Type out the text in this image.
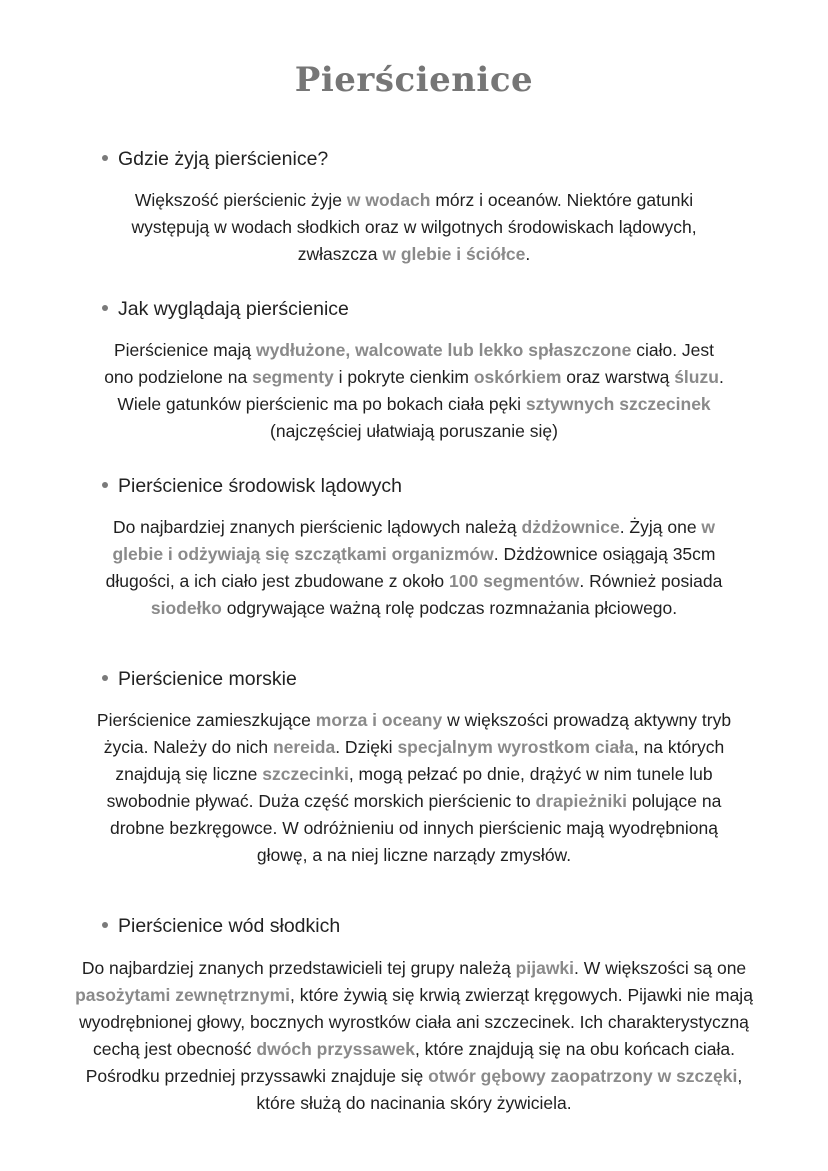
Pierścienice
Gdzie żyją pierścienice?

Większość pierścienic żyje w wodach mórz i oceanów. Niektóre gatunki występują w wodach słodkich oraz w wilgotnych środowiskach lądowych, zwłaszcza w glebie i ściółce.

Jak wyglądają pierścienice

Pierścienice mają wydłużone, walcowate lub lekko spłaszczone ciało. Jest ono podzielone na segmenty i pokryte cienkim oskórkiem oraz warstwą śluzu. Wiele gatunków pierścienic ma po bokach ciała pęki sztywnych szczecinek (najczęściej ułatwiają poruszanie się)

Pierścienice środowisk lądowych

Do najbardziej znanych pierścienic lądowych należą dżdżownice. Żyją one w glebie i odżywiają się szczątkami organizmów. Dżdżownice osiągają 35cm długości, a ich ciało jest zbudowane z około 100 segmentów. Również posiada siodełko odgrywające ważną rolę podczas rozmnażania płciowego.

Pierścienice morskie

Pierścienice zamieszkujące morza i oceany w większości prowadzą aktywny tryb życia. Należy do nich nereida. Dzięki specjalnym wyrostkom ciała, na których znajdują się liczne szczecinki, mogą pełzać po dnie, drążyć w nim tunele lub swobodnie pływać. Duża część morskich pierścienic to drapieżniki polujące na drobne bezkręgowce. W odróżnieniu od innych pierścienic mają wyodrębnioną głowę, a na niej liczne narządy zmysłów.

Pierścienice wód słodkich

Do najbardziej znanych przedstawicieli tej grupy należą pijawki. W większości są one pasożytami zewnętrznymi, które żywią się krwią zwierząt kręgowych. Pijawki nie mają wyodrębnionej głowy, bocznych wyrostków ciała ani szczecinek. Ich charakterystyczną cechą jest obecność dwóch przyssawek, które znajdują się na obu końcach ciała. Pośrodku przedniej przyssawki znajduje się otwór gębowy zaopatrzony w szczęki, które służą do nacinania skóry żywiciela.
